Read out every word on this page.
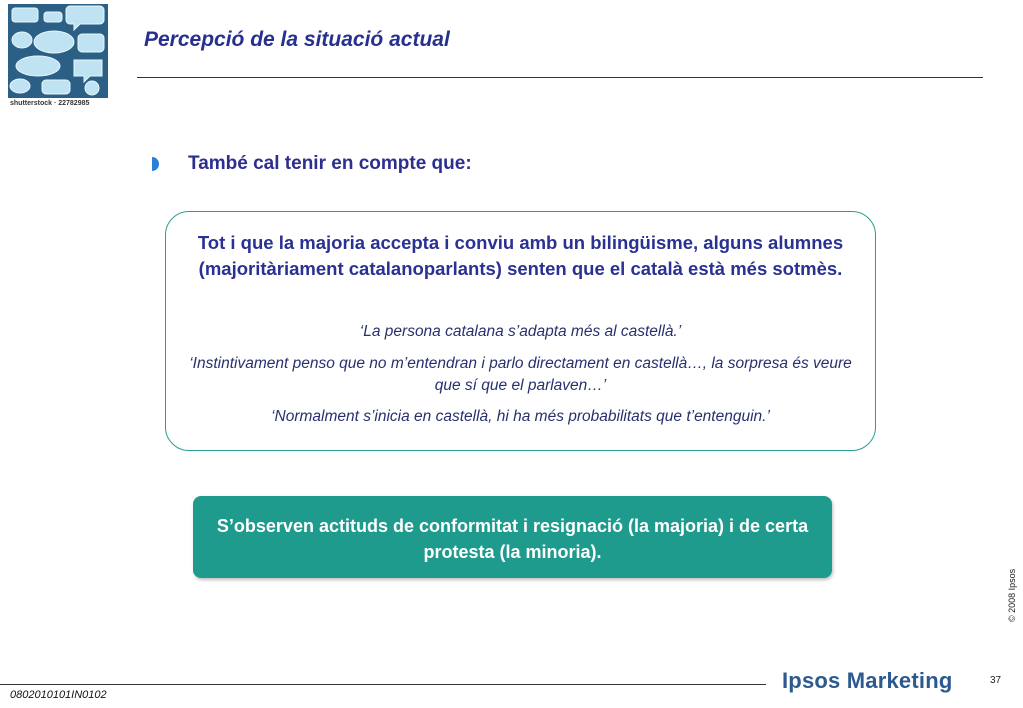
shutterstock · 22782985
Percepció de la situació actual
També cal tenir en compte que:
Tot i que la majoria accepta i conviu amb un bilingüisme, alguns alumnes (majoritàriament catalanoparlants) senten que el català està més sotmès.
‘La persona catalana s’adapta més al castellà.’
‘Instintivament penso que no m’entendran i parlo directament en castellà…, la sorpresa és veure que sí que el parlaven…’
‘Normalment s’inicia en castellà, hi ha més probabilitats que t’entenguin.’
S’observen actituds de conformitat i resignació (la majoria) i de certa protesta (la minoria).
© 2008 Ipsos
37
0802010101IN0102
Ipsos Marketing
